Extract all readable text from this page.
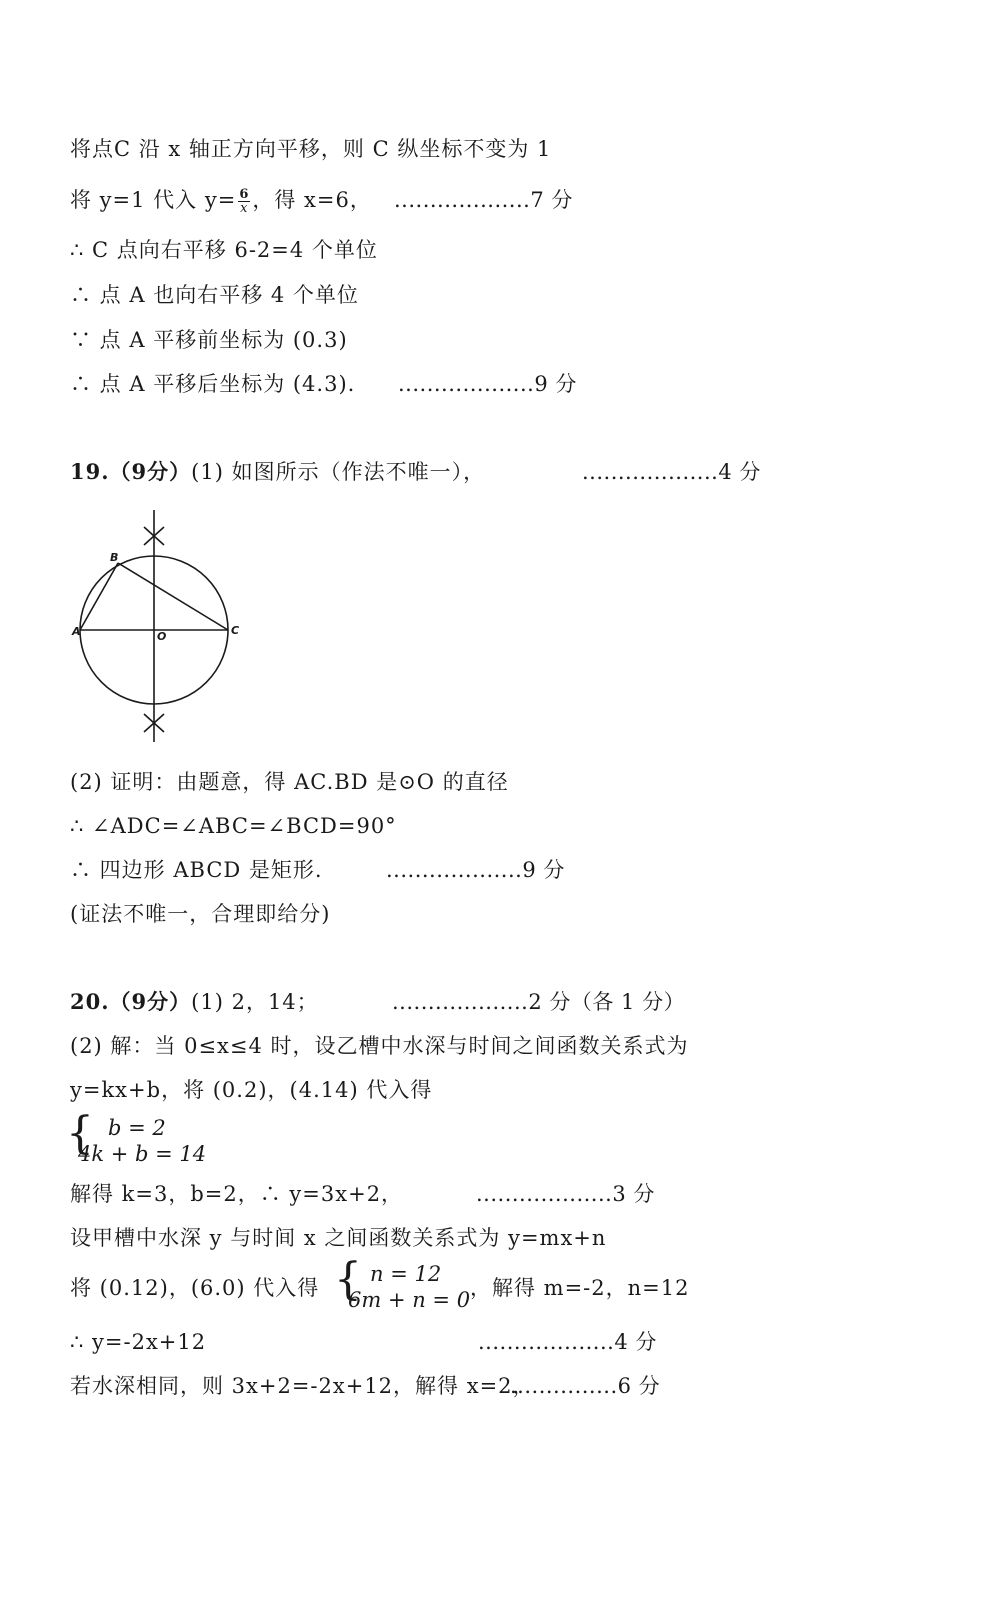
将点C 沿 x 轴正方向平移，则 C 纵坐标不变为 1
将 y=1 代入 $y= \frac{6}{x}$ ，得 x=6， ...................7 分
∴ C 点向右平移 6-2=4 个单位
∴ 点 A 也向右平移 4 个单位
∵ 点 A 平移前坐标为 (0.3)
∴ 点 A 平移后坐标为 (4.3). ...................9 分
19.（9分）(1) 如图所示（作法不唯一），	...................4 分
B
A	O	C
(2) 证明：由题意，得 AC.BD 是⊙O 的直径
∴ ∠ADC=∠ABC=∠BCD=90°
∴ 四边形 ABCD 是矩形.	...................9 分
(证法不唯一，合理即给分)
20.（9分）(1) 2，14；	...................2 分（各 1 分）
(2) 解：当 0≤x≤4 时，设乙槽中水深与时间之间函数关系式为
y=kx+b，将 (0.2)，(4.14) 代入得
{ b = 2
4k + b = 14
解得 k=3，b=2，∴ y=3x+2，	...................3 分
设甲槽中水深 y 与时间 x 之间函数关系式为 y=mx+n
将 (0.12)，(6.0) 代入得 { n = 12
6m + n = 0 ，解得 m=-2，n=12
∴ y=-2x+12	...................4 分
若水深相同，则 3x+2=-2x+12，解得 x=2，
...............6 分
